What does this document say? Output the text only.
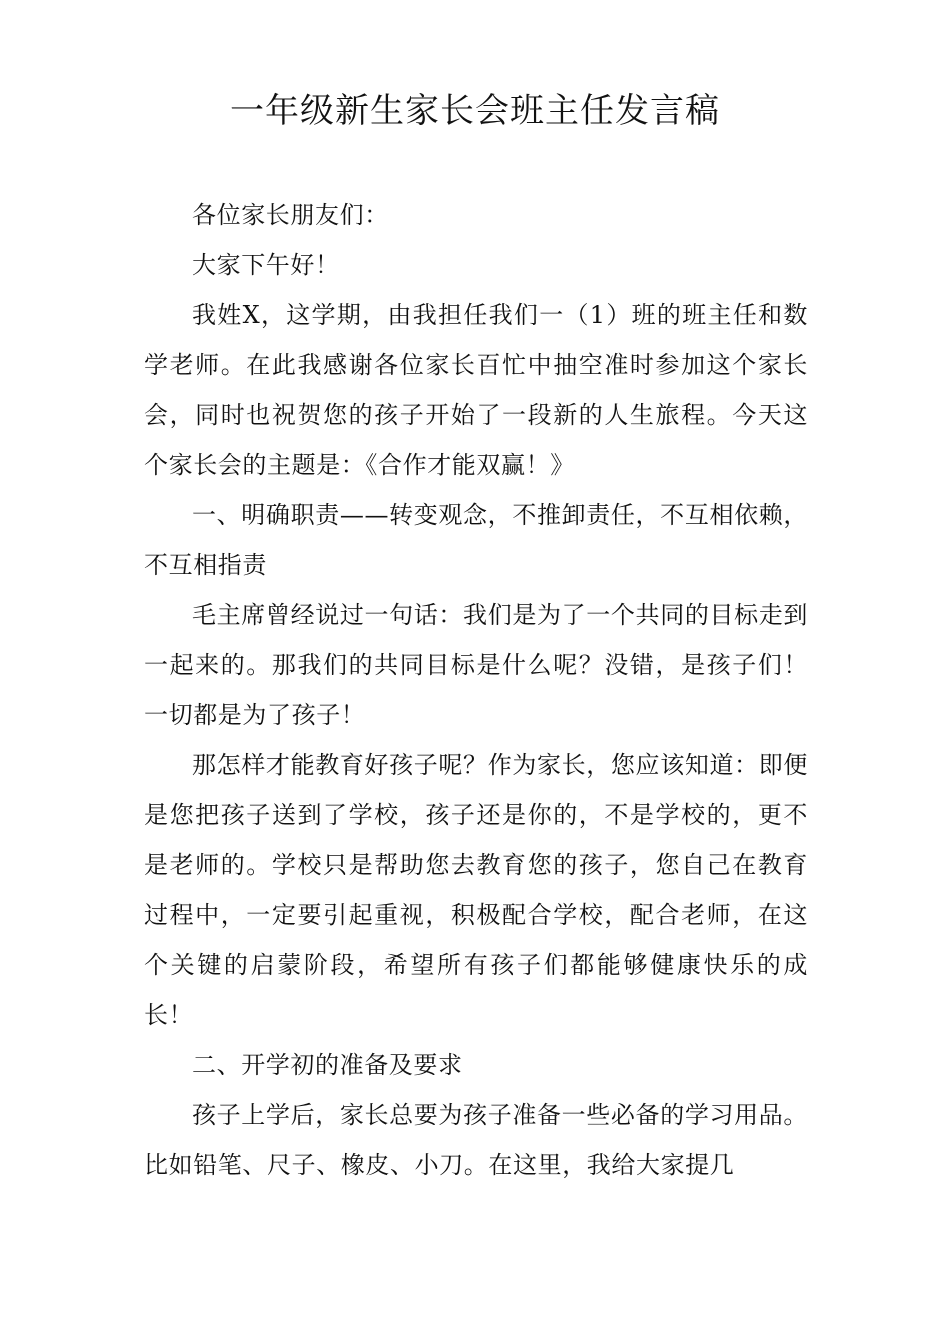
一年级新生家长会班主任发言稿

各位家长朋友们：

大家下午好！

我姓X，这学期，由我担任我们一（1）班的班主任和数学老师。在此我感谢各位家长百忙中抽空准时参加这个家长会，同时也祝贺您的孩子开始了一段新的人生旅程。今天这个家长会的主题是：《合作才能双赢！》

一、明确职责——转变观念，不推卸责任，不互相依赖，不互相指责

毛主席曾经说过一句话：我们是为了一个共同的目标走到一起来的。那我们的共同目标是什么呢？没错，是孩子们！一切都是为了孩子！

那怎样才能教育好孩子呢？作为家长，您应该知道：即便是您把孩子送到了学校，孩子还是你的，不是学校的，更不是老师的。学校只是帮助您去教育您的孩子，您自己在教育过程中，一定要引起重视，积极配合学校，配合老师，在这个关键的启蒙阶段，希望所有孩子们都能够健康快乐的成长！

二、开学初的准备及要求

孩子上学后，家长总要为孩子准备一些必备的学习用品。比如铅笔、尺子、橡皮、小刀。在这里，我给大家提几
